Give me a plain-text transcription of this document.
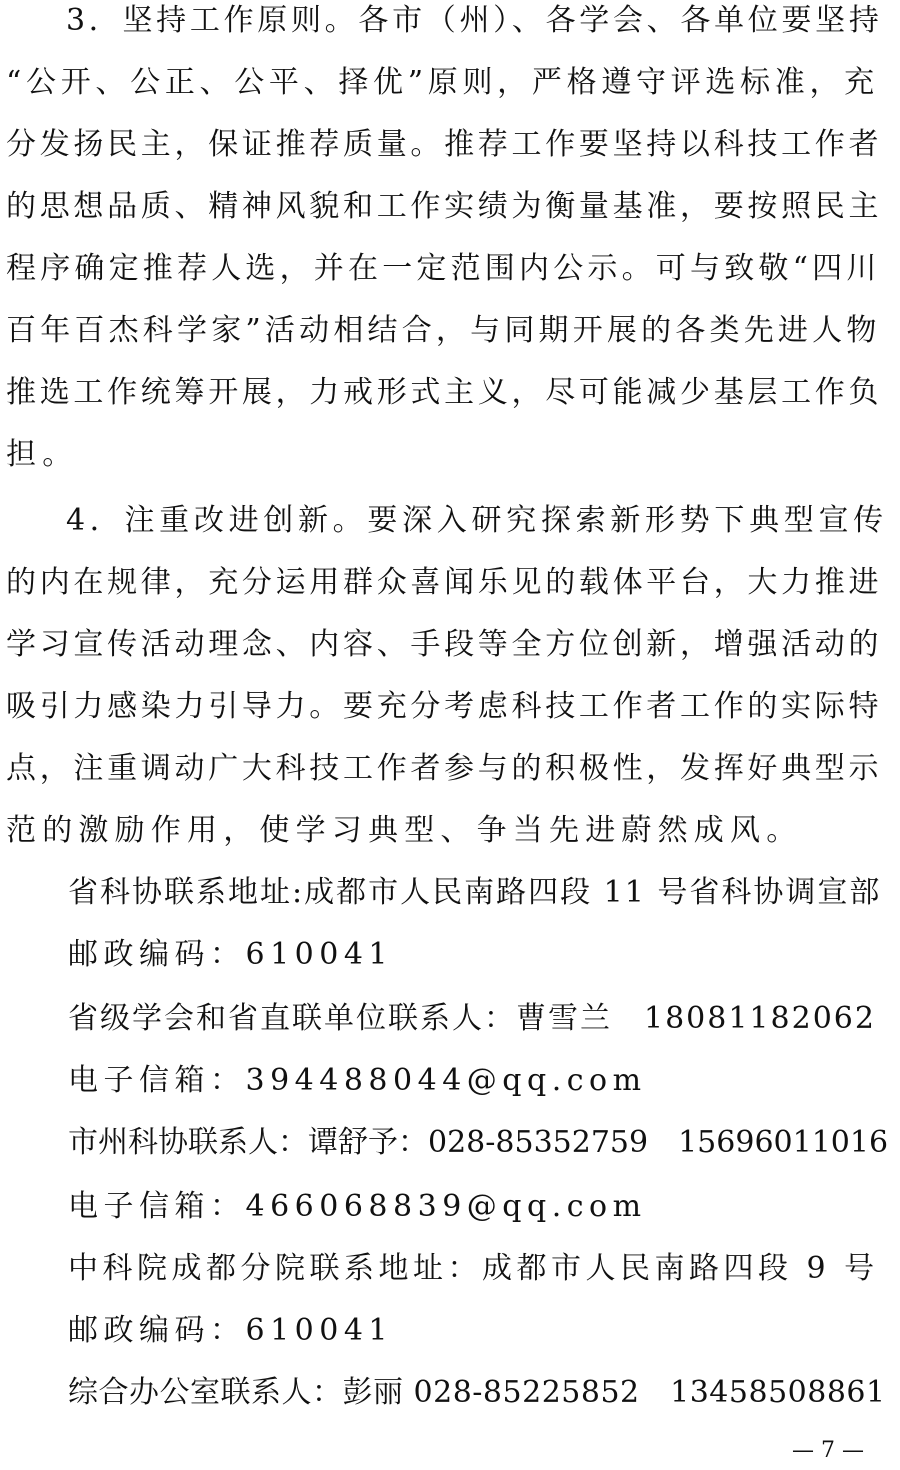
3．坚持工作原则。各市（州）、各学会、各单位要坚持
“公开、公正、公平、择优”原则，严格遵守评选标准，充
分发扬民主，保证推荐质量。推荐工作要坚持以科技工作者
的思想品质、精神风貌和工作实绩为衡量基准，要按照民主
程序确定推荐人选，并在一定范围内公示。可与致敬“四川
百年百杰科学家”活动相结合，与同期开展的各类先进人物
推选工作统筹开展，力戒形式主义，尽可能减少基层工作负
担。
4．注重改进创新。要深入研究探索新形势下典型宣传
的内在规律，充分运用群众喜闻乐见的载体平台，大力推进
学习宣传活动理念、内容、手段等全方位创新，增强活动的
吸引力感染力引导力。要充分考虑科技工作者工作的实际特
点，注重调动广大科技工作者参与的积极性，发挥好典型示
范的激励作用，使学习典型、争当先进蔚然成风。
省科协联系地址:成都市人民南路四段 11 号省科协调宣部
邮政编码：610041
省级学会和省直联单位联系人：曹雪兰　18081182062
电子信箱：394488044@qq.com
市州科协联系人：谭舒予：028-85352759　15696011016
电子信箱：466068839@qq.com
中科院成都分院联系地址：成都市人民南路四段 9 号
邮政编码：610041
综合办公室联系人：彭丽 028-85225852　13458508861
— 7 —
